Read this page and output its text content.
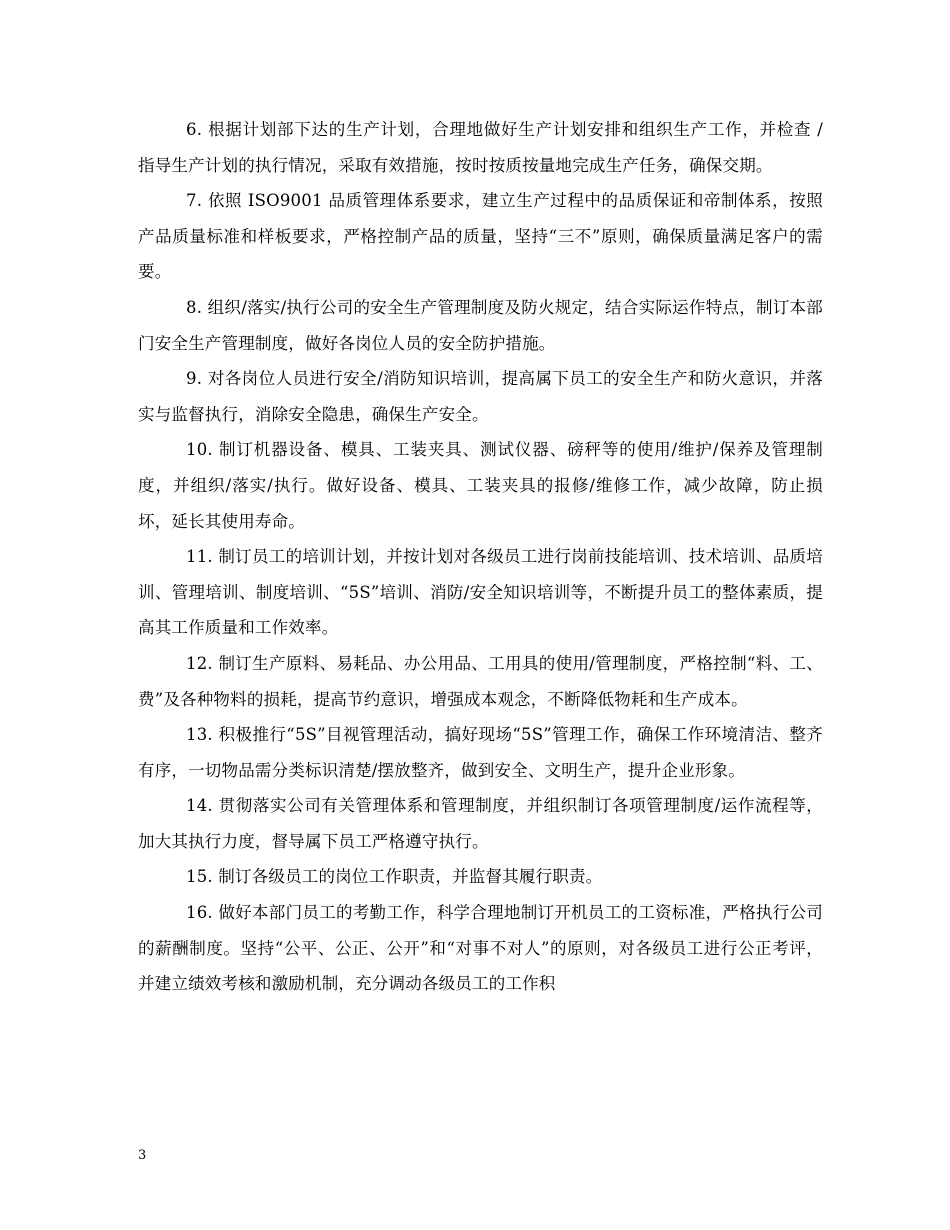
6. 根据计划部下达的生产计划，合理地做好生产计划安排和组织生产工作，并检查 / 指导生产计划的执行情况，采取有效措施，按时按质按量地完成生产任务，确保交期。

7. 依照 ISO9001 品质管理体系要求，建立生产过程中的品质保证和帝制体系，按照产品质量标准和样板要求，严格控制产品的质量，坚持“三不”原则，确保质量满足客户的需要。

8. 组织/落实/执行公司的安全生产管理制度及防火规定，结合实际运作特点，制订本部门安全生产管理制度，做好各岗位人员的安全防护措施。

9. 对各岗位人员进行安全/消防知识培训，提高属下员工的安全生产和防火意识，并落实与监督执行，消除安全隐患，确保生产安全。

10. 制订机器设备、模具、工装夹具、测试仪器、磅秤等的使用/维护/保养及管理制度，并组织/落实/执行。做好设备、模具、工装夹具的报修/维修工作，减少故障，防止损坏，延长其使用寿命。

11. 制订员工的培训计划，并按计划对各级员工进行岗前技能培训、技术培训、品质培训、管理培训、制度培训、“5S”培训、消防/安全知识培训等，不断提升员工的整体素质，提高其工作质量和工作效率。

12. 制订生产原料、易耗品、办公用品、工用具的使用/管理制度，严格控制“料、工、费”及各种物料的损耗，提高节约意识，增强成本观念，不断降低物耗和生产成本。

13. 积极推行“5S”目视管理活动，搞好现场“5S”管理工作，确保工作环境清洁、整齐有序，一切物品需分类标识清楚/摆放整齐，做到安全、文明生产，提升企业形象。

14. 贯彻落实公司有关管理体系和管理制度，并组织制订各项管理制度/运作流程等，加大其执行力度，督导属下员工严格遵守执行。

15. 制订各级员工的岗位工作职责，并监督其履行职责。

16. 做好本部门员工的考勤工作，科学合理地制订开机员工的工资标准，严格执行公司的薪酬制度。坚持“公平、公正、公开”和“对事不对人”的原则，对各级员工进行公正考评，并建立绩效考核和激励机制，充分调动各级员工的工作积

3
